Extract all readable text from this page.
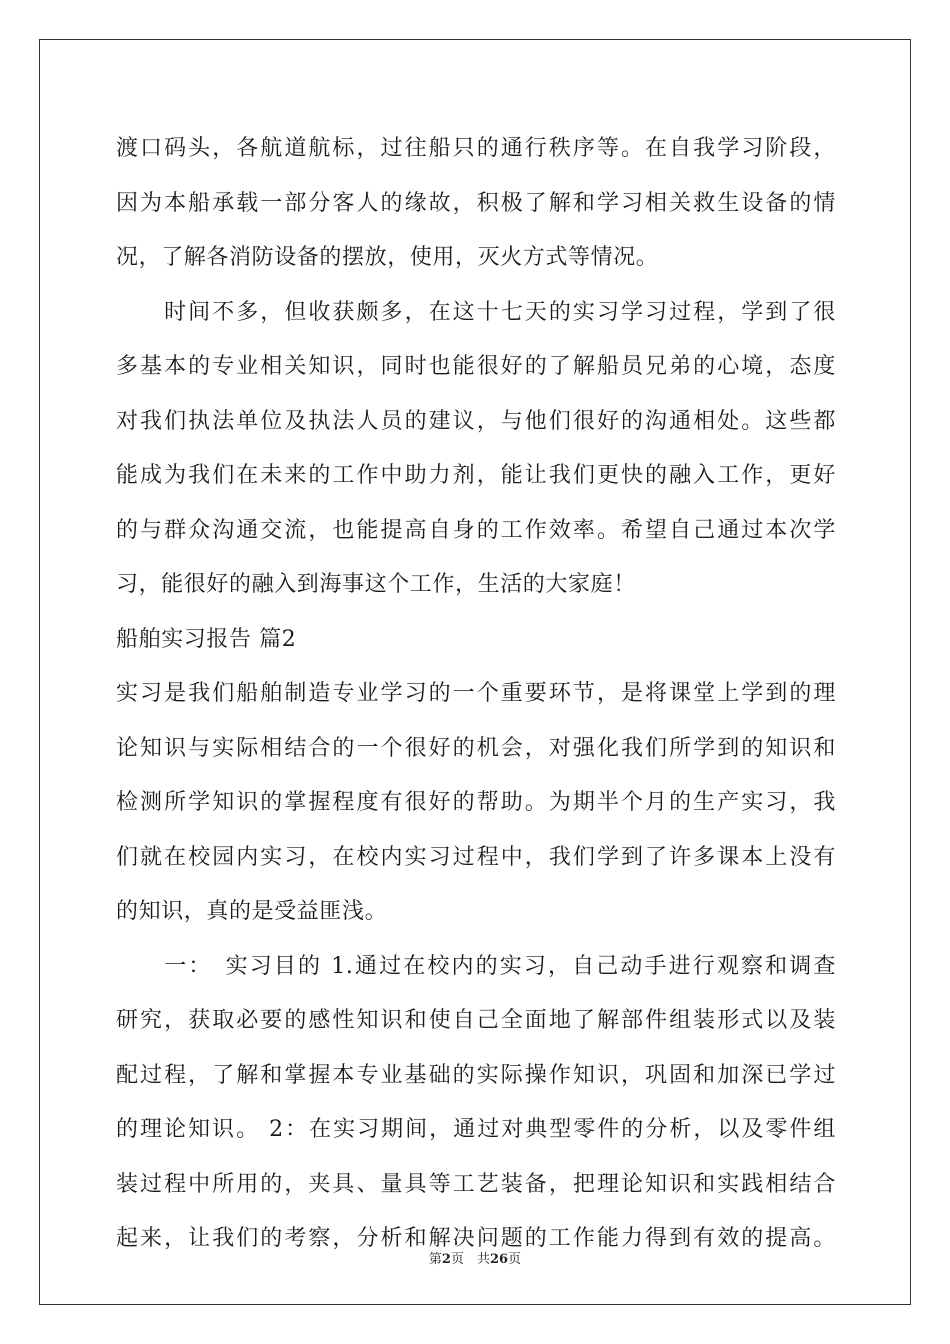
渡口码头，各航道航标，过往船只的通行秩序等。在自我学习阶段，
因为本船承载一部分客人的缘故，积极了解和学习相关救生设备的情
况，了解各消防设备的摆放，使用，灭火方式等情况。
　　时间不多，但收获颇多，在这十七天的实习学习过程，学到了很
多基本的专业相关知识，同时也能很好的了解船员兄弟的心境，态度
对我们执法单位及执法人员的建议，与他们很好的沟通相处。这些都
能成为我们在未来的工作中助力剂，能让我们更快的融入工作，更好
的与群众沟通交流，也能提高自身的工作效率。希望自己通过本次学
习，能很好的融入到海事这个工作，生活的大家庭！
船舶实习报告 篇2
实习是我们船舶制造专业学习的一个重要环节，是将课堂上学到的理
论知识与实际相结合的一个很好的机会，对强化我们所学到的知识和
检测所学知识的掌握程度有很好的帮助。为期半个月的生产实习，我
们就在校园内实习，在校内实习过程中，我们学到了许多课本上没有
的知识，真的是受益匪浅。
　　一：　实习目的 1.通过在校内的实习，自己动手进行观察和调查
研究，获取必要的感性知识和使自己全面地了解部件组装形式以及装
配过程，了解和掌握本专业基础的实际操作知识，巩固和加深已学过
的理论知识。 2：在实习期间，通过对典型零件的分析，以及零件组
装过程中所用的，夹具、量具等工艺装备，把理论知识和实践相结合
起来，让我们的考察，分析和解决问题的工作能力得到有效的提高。
第2页　共26页
